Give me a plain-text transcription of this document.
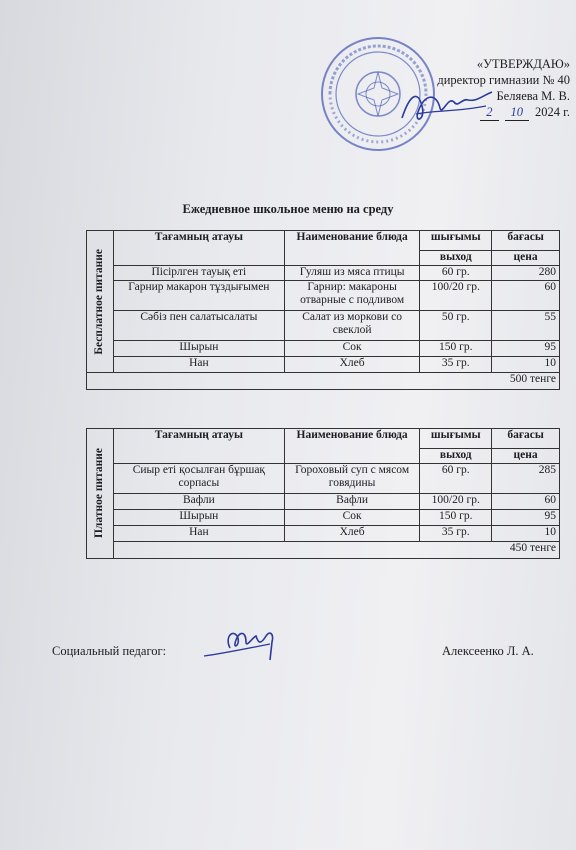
«УТВЕРЖДАЮ»
директор гимназии № 40
Беляева М. В.
2	10 2024 г.
Ежедневное школьное меню на среду
Бесплатное питание	Тағамның атауы	Наименование блюда	шығымы	бағасы
			выход	цена
	Пісірлген тауық еті	Гуляш из мяса птицы	60 гр.	280
	Гарнир макарон тұздығымен	Гарнир: макароны отварные с подливом	100/20 гр.	60
	Сәбіз пен салатысалаты	Салат из моркови со свеклой	50 гр.	55
	Шырын	Сок	150 гр.	95
	Нан	Хлеб	35 гр.	10
500 тенге				
Платное питание	Тағамның атауы	Наименование блюда	шығымы	бағасы
			выход	цена
	Сиыр еті қосылған бұршақ сорпасы	Гороховый суп с мясом говядины	60 гр.	285
	Вафли	Вафли	100/20 гр.	60
	Шырын	Сок	150 гр.	95
	Нан	Хлеб	35 гр.	10
	450 тенге			
Социальный педагог:	Алексеенко Л. А.
